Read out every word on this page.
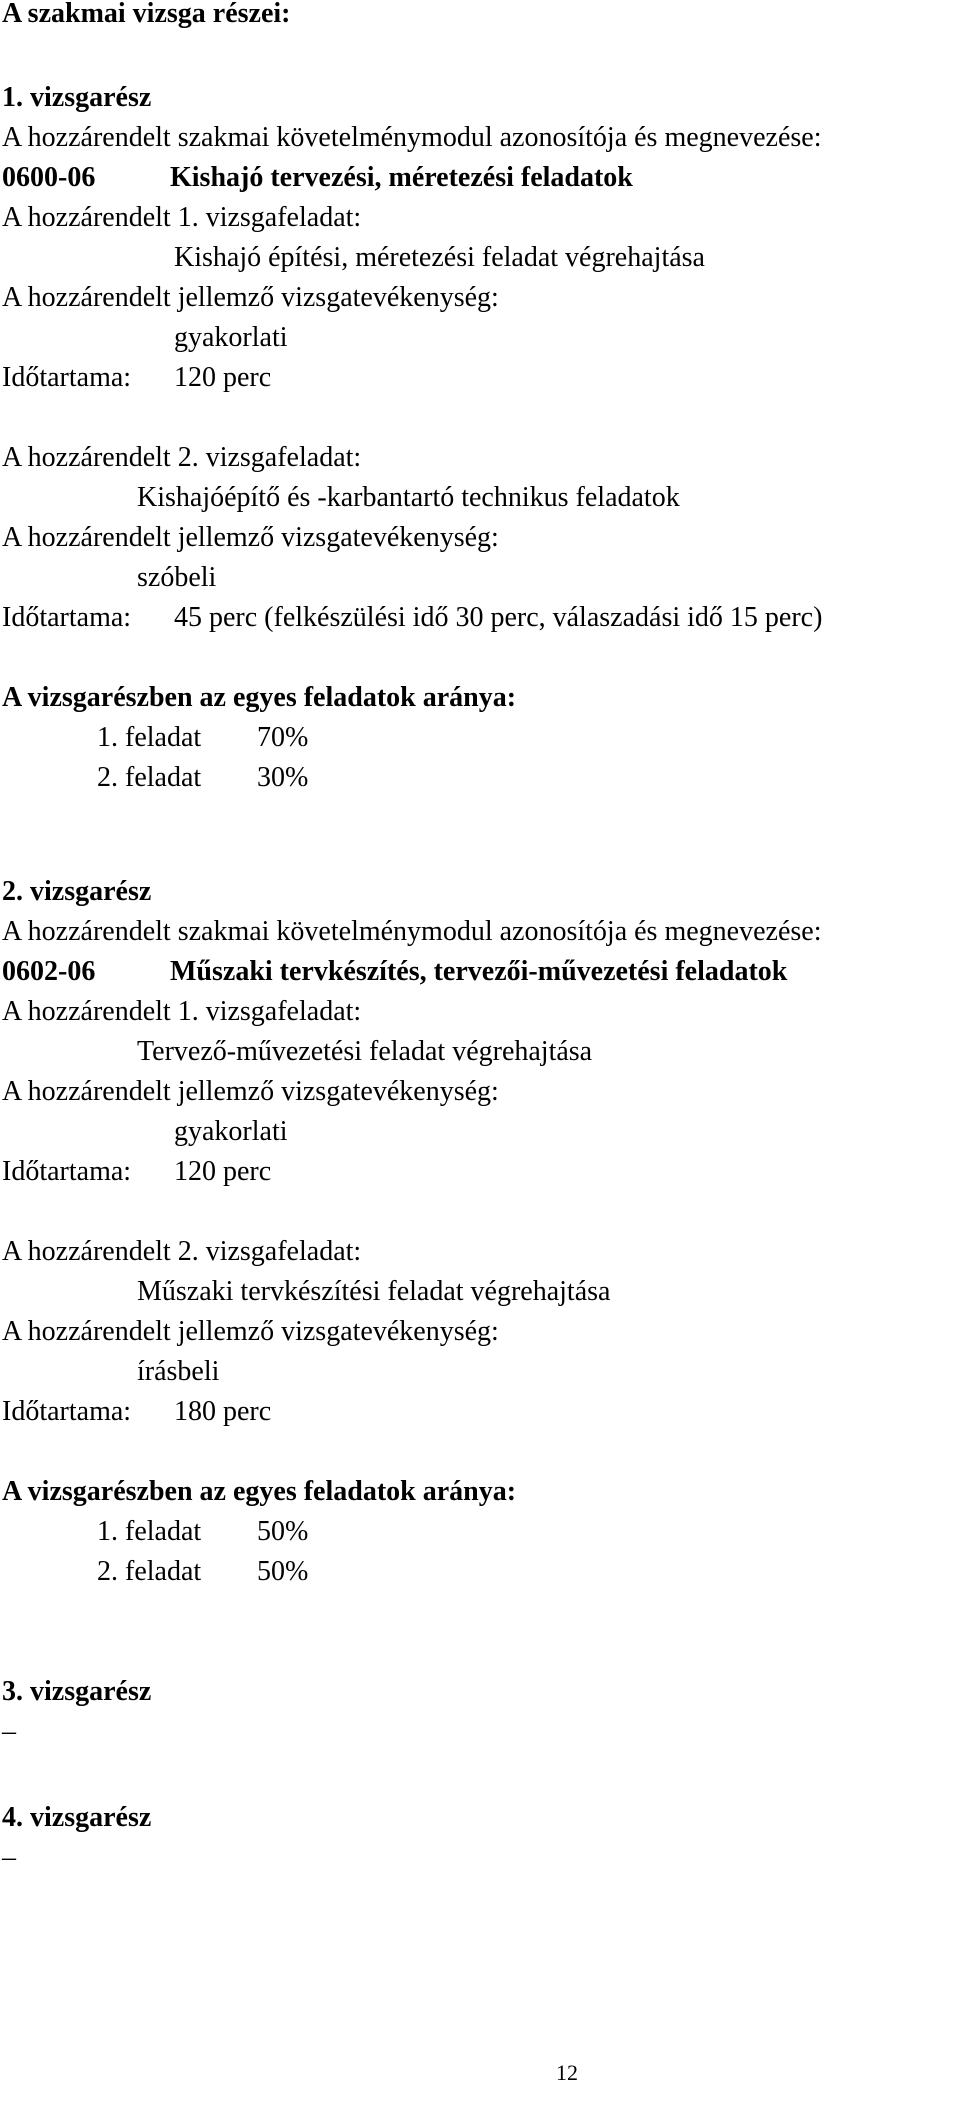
A szakmai vizsga részei:
1. vizsgarész
A hozzárendelt szakmai követelménymodul azonosítója és megnevezése:
0600-06	Kishajó tervezési, méretezési feladatok
A hozzárendelt 1. vizsgafeladat:
Kishajó építési, méretezési feladat végrehajtása
A hozzárendelt jellemző vizsgatevékenység:
gyakorlati
Időtartama: 120 perc
A hozzárendelt 2. vizsgafeladat:
Kishajóépítő és -karbantartó technikus feladatok
A hozzárendelt jellemző vizsgatevékenység:
szóbeli
Időtartama: 45 perc (felkészülési idő 30 perc, válaszadási idő 15 perc)
A vizsgarészben az egyes feladatok aránya:
1. feladat 70%
2. feladat 30%
2. vizsgarész
A hozzárendelt szakmai követelménymodul azonosítója és megnevezése:
0602-06	Műszaki tervkészítés, tervezői-művezetési feladatok
A hozzárendelt 1. vizsgafeladat:
Tervező-művezetési feladat végrehajtása
A hozzárendelt jellemző vizsgatevékenység:
gyakorlati
Időtartama: 120 perc
A hozzárendelt 2. vizsgafeladat:
Műszaki tervkészítési feladat végrehajtása
A hozzárendelt jellemző vizsgatevékenység:
írásbeli
Időtartama: 180 perc
A vizsgarészben az egyes feladatok aránya:
1. feladat 50%
2. feladat 50%
3. vizsgarész
–
4. vizsgarész
–
12
